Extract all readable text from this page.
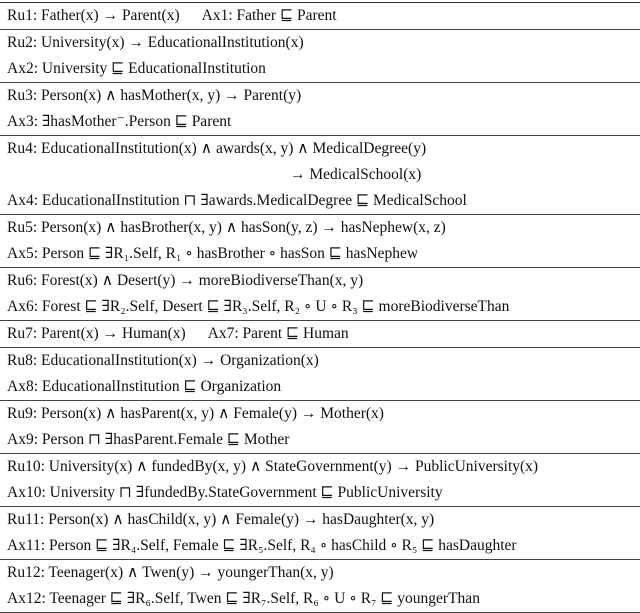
Ru1: Father(x) → Parent(x) Ax1: Father ⊑ Parent
Ru2: University(x) → EducationalInstitution(x)
Ax2: University ⊑ EducationalInstitution
Ru3: Person(x) ∧ hasMother(x, y) → Parent(y)
Ax3: ∃hasMother⁻.Person ⊑ Parent
Ru4: EducationalInstitution(x) ∧ awards(x, y) ∧ MedicalDegree(y)
→ MedicalSchool(x)
Ax4: EducationalInstitution ⊓ ∃awards.MedicalDegree ⊑ MedicalSchool
Ru5: Person(x) ∧ hasBrother(x, y) ∧ hasSon(y, z) → hasNephew(x, z)
Ax5: Person ⊑ ∃R₁.Self, R₁ ∘ hasBrother ∘ hasSon ⊑ hasNephew
Ru6: Forest(x) ∧ Desert(y) → moreBiodiverseThan(x, y)
Ax6: Forest ⊑ ∃R₂.Self, Desert ⊑ ∃R₃.Self, R₂ ∘ U ∘ R₃ ⊑ moreBiodiverseThan
Ru7: Parent(x) → Human(x) Ax7: Parent ⊑ Human
Ru8: EducationalInstitution(x) → Organization(x)
Ax8: EducationalInstitution ⊑ Organization
Ru9: Person(x) ∧ hasParent(x, y) ∧ Female(y) → Mother(x)
Ax9: Person ⊓ ∃hasParent.Female ⊑ Mother
Ru10: University(x) ∧ fundedBy(x, y) ∧ StateGovernment(y) → PublicUniversity(x)
Ax10: University ⊓ ∃fundedBy.StateGovernment ⊑ PublicUniversity
Ru11: Person(x) ∧ hasChild(x, y) ∧ Female(y) → hasDaughter(x, y)
Ax11: Person ⊑ ∃R₄.Self, Female ⊑ ∃R₅.Self, R₄ ∘ hasChild ∘ R₅ ⊑ hasDaughter
Ru12: Teenager(x) ∧ Twen(y) → youngerThan(x, y)
Ax12: Teenager ⊑ ∃R₆.Self, Twen ⊑ ∃R₇.Self, R₆ ∘ U ∘ R₇ ⊑ youngerThan
